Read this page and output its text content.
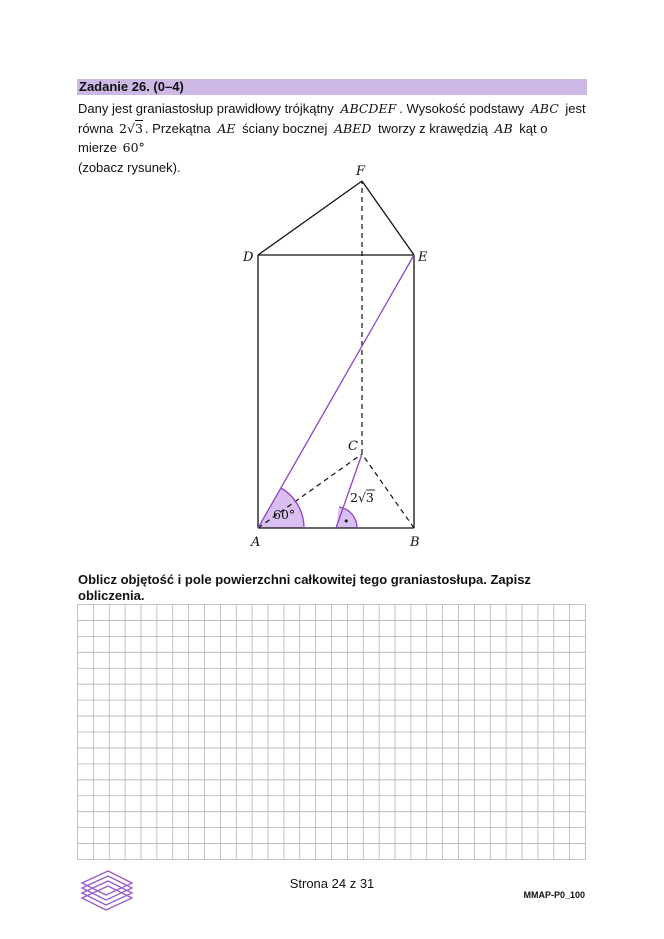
Zadanie 26. (0–4)
Dany jest graniastosłup prawidłowy trójkątny ABCDEF . Wysokość podstawy ABC jest
równa 2√3 . Przekątna AE ściany bocznej ABED tworzy z krawędzią AB kąt o mierze 60°
(zobacz rysunek).
•
A	B
C
D	E
F
60°
2√3
Oblicz objętość i pole powierzchni całkowitej tego graniastosłupa. Zapisz obliczenia.
Strona 24 z 31
MMAP-P0_100
